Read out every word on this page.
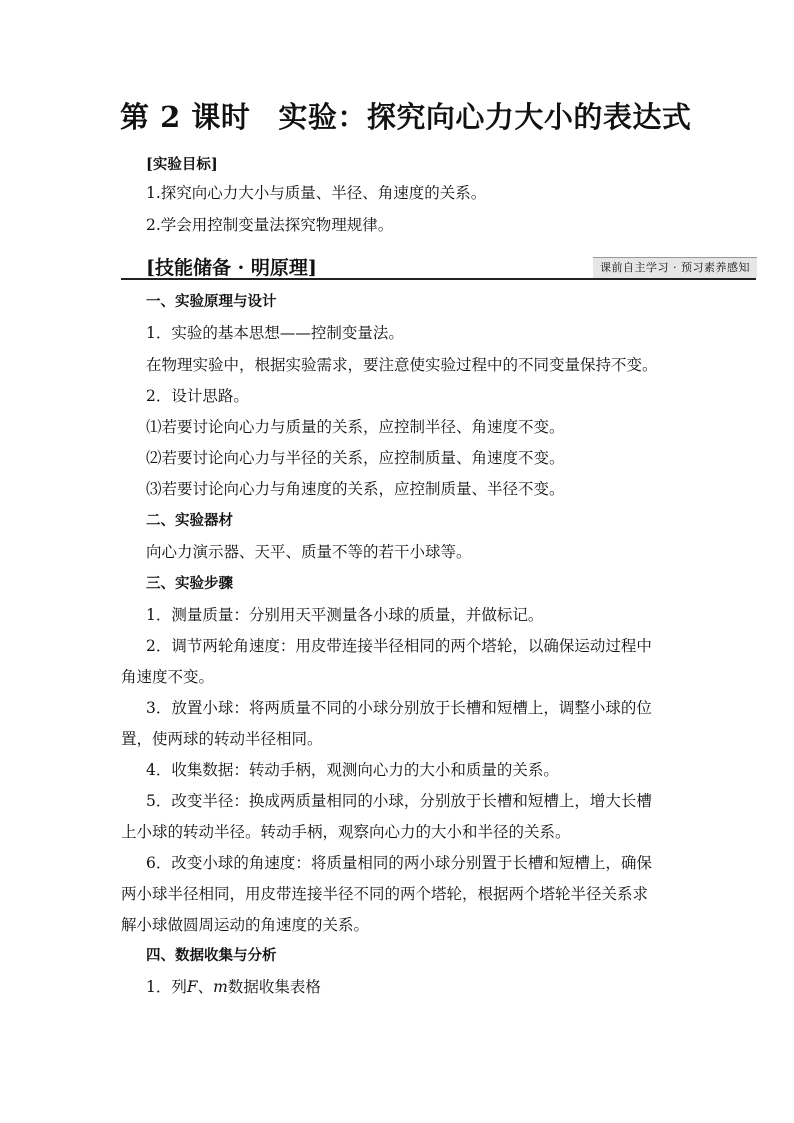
第 2 课时 实验：探究向心力大小的表达式
[实验目标]
1.探究向心力大小与质量、半径、角速度的关系。
2.学会用控制变量法探究物理规律。
[技能储备 · 明原理]	课前自主学习 · 预习素养感知
一、实验原理与设计
1．实验的基本思想——控制变量法。
在物理实验中，根据实验需求，要注意使实验过程中的不同变量保持不变。
2．设计思路。
⑴若要讨论向心力与质量的关系，应控制半径、角速度不变。
⑵若要讨论向心力与半径的关系，应控制质量、角速度不变。
⑶若要讨论向心力与角速度的关系，应控制质量、半径不变。
二、实验器材
向心力演示器、天平、质量不等的若干小球等。
三、实验步骤
1．测量质量：分别用天平测量各小球的质量，并做标记。
2．调节两轮角速度：用皮带连接半径相同的两个塔轮，以确保运动过程中
角速度不变。
3．放置小球：将两质量不同的小球分别放于长槽和短槽上，调整小球的位
置，使两球的转动半径相同。
4．收集数据：转动手柄，观测向心力的大小和质量的关系。
5．改变半径：换成两质量相同的小球，分别放于长槽和短槽上，增大长槽
上小球的转动半径。转动手柄，观察向心力的大小和半径的关系。
6．改变小球的角速度：将质量相同的两小球分别置于长槽和短槽上，确保
两小球半径相同，用皮带连接半径不同的两个塔轮，根据两个塔轮半径关系求
解小球做圆周运动的角速度的关系。
四、数据收集与分析
1．列F、m数据收集表格
